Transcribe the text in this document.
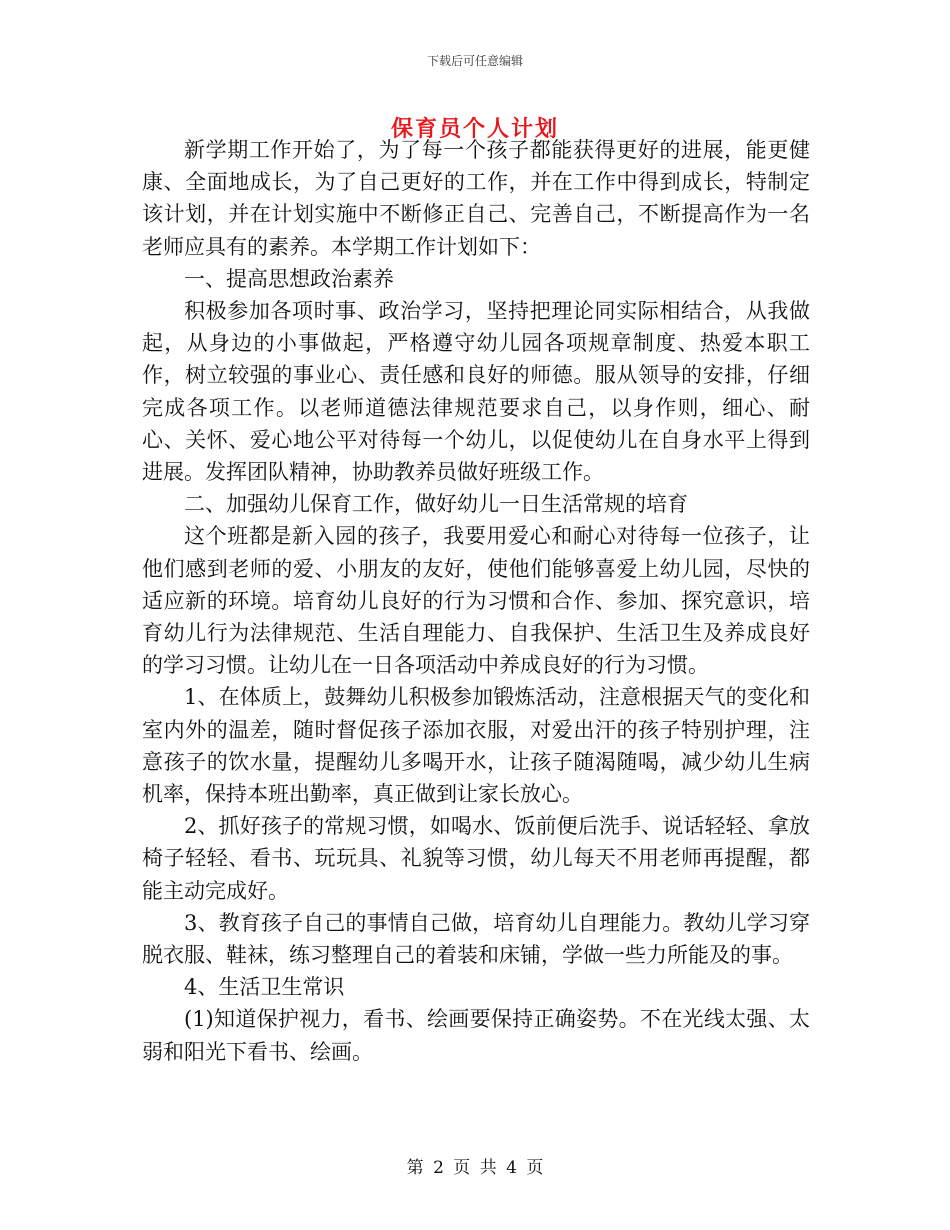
下载后可任意编辑
保育员个人计划

新学期工作开始了，为了每一个孩子都能获得更好的进展，能更健康、全面地成长，为了自己更好的工作，并在工作中得到成长，特制定该计划，并在计划实施中不断修正自己、完善自己，不断提高作为一名老师应具有的素养。本学期工作计划如下：

一、提高思想政治素养

积极参加各项时事、政治学习，坚持把理论同实际相结合，从我做起，从身边的小事做起，严格遵守幼儿园各项规章制度、热爱本职工作，树立较强的事业心、责任感和良好的师德。服从领导的安排，仔细完成各项工作。以老师道德法律规范要求自己，以身作则，细心、耐心、关怀、爱心地公平对待每一个幼儿，以促使幼儿在自身水平上得到进展。发挥团队精神，协助教养员做好班级工作。

二、加强幼儿保育工作，做好幼儿一日生活常规的培育

这个班都是新入园的孩子，我要用爱心和耐心对待每一位孩子，让他们感到老师的爱、小朋友的友好，使他们能够喜爱上幼儿园，尽快的适应新的环境。培育幼儿良好的行为习惯和合作、参加、探究意识，培育幼儿行为法律规范、生活自理能力、自我保护、生活卫生及养成良好的学习习惯。让幼儿在一日各项活动中养成良好的行为习惯。

1、在体质上，鼓舞幼儿积极参加锻炼活动，注意根据天气的变化和室内外的温差，随时督促孩子添加衣服，对爱出汗的孩子特别护理，注意孩子的饮水量，提醒幼儿多喝开水，让孩子随渴随喝，减少幼儿生病机率，保持本班出勤率，真正做到让家长放心。

2、抓好孩子的常规习惯，如喝水、饭前便后洗手、说话轻轻、拿放椅子轻轻、看书、玩玩具、礼貌等习惯，幼儿每天不用老师再提醒，都能主动完成好。

3、教育孩子自己的事情自己做，培育幼儿自理能力。教幼儿学习穿脱衣服、鞋袜，练习整理自己的着装和床铺，学做一些力所能及的事。

4、生活卫生常识

(1)知道保护视力，看书、绘画要保持正确姿势。不在光线太强、太弱和阳光下看书、绘画。

第 2 页 共 4 页
